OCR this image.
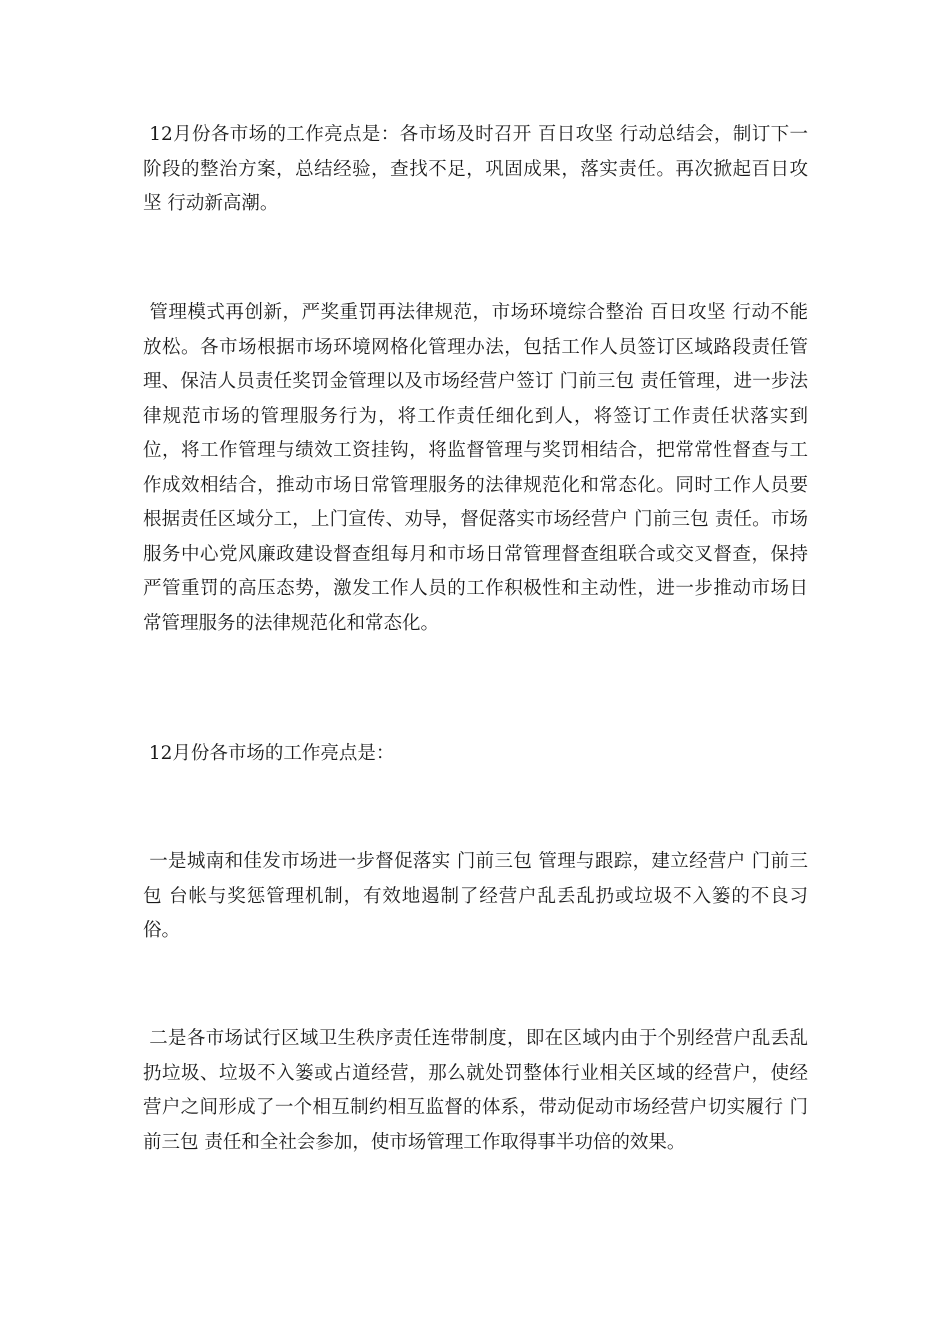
12月份各市场的工作亮点是：各市场及时召开 百日攻坚 行动总结会，制订下一阶段的整治方案，总结经验，查找不足，巩固成果，落实责任。再次掀起百日攻坚 行动新高潮。

管理模式再创新，严奖重罚再法律规范，市场环境综合整治 百日攻坚 行动不能放松。各市场根据市场环境网格化管理办法，包括工作人员签订区域路段责任管理、保洁人员责任奖罚金管理以及市场经营户签订 门前三包 责任管理，进一步法律规范市场的管理服务行为，将工作责任细化到人，将签订工作责任状落实到位，将工作管理与绩效工资挂钩，将监督管理与奖罚相结合，把常常性督查与工作成效相结合，推动市场日常管理服务的法律规范化和常态化。同时工作人员要根据责任区域分工，上门宣传、劝导，督促落实市场经营户 门前三包 责任。市场服务中心党风廉政建设督查组每月和市场日常管理督查组联合或交叉督查，保持严管重罚的高压态势，激发工作人员的工作积极性和主动性，进一步推动市场日常管理服务的法律规范化和常态化。

12月份各市场的工作亮点是：

一是城南和佳发市场进一步督促落实 门前三包 管理与跟踪，建立经营户 门前三包 台帐与奖惩管理机制，有效地遏制了经营户乱丢乱扔或垃圾不入篓的不良习俗。

二是各市场试行区域卫生秩序责任连带制度，即在区域内由于个别经营户乱丢乱扔垃圾、垃圾不入篓或占道经营，那么就处罚整体行业相关区域的经营户，使经营户之间形成了一个相互制约相互监督的体系，带动促动市场经营户切实履行 门前三包 责任和全社会参加，使市场管理工作取得事半功倍的效果。
